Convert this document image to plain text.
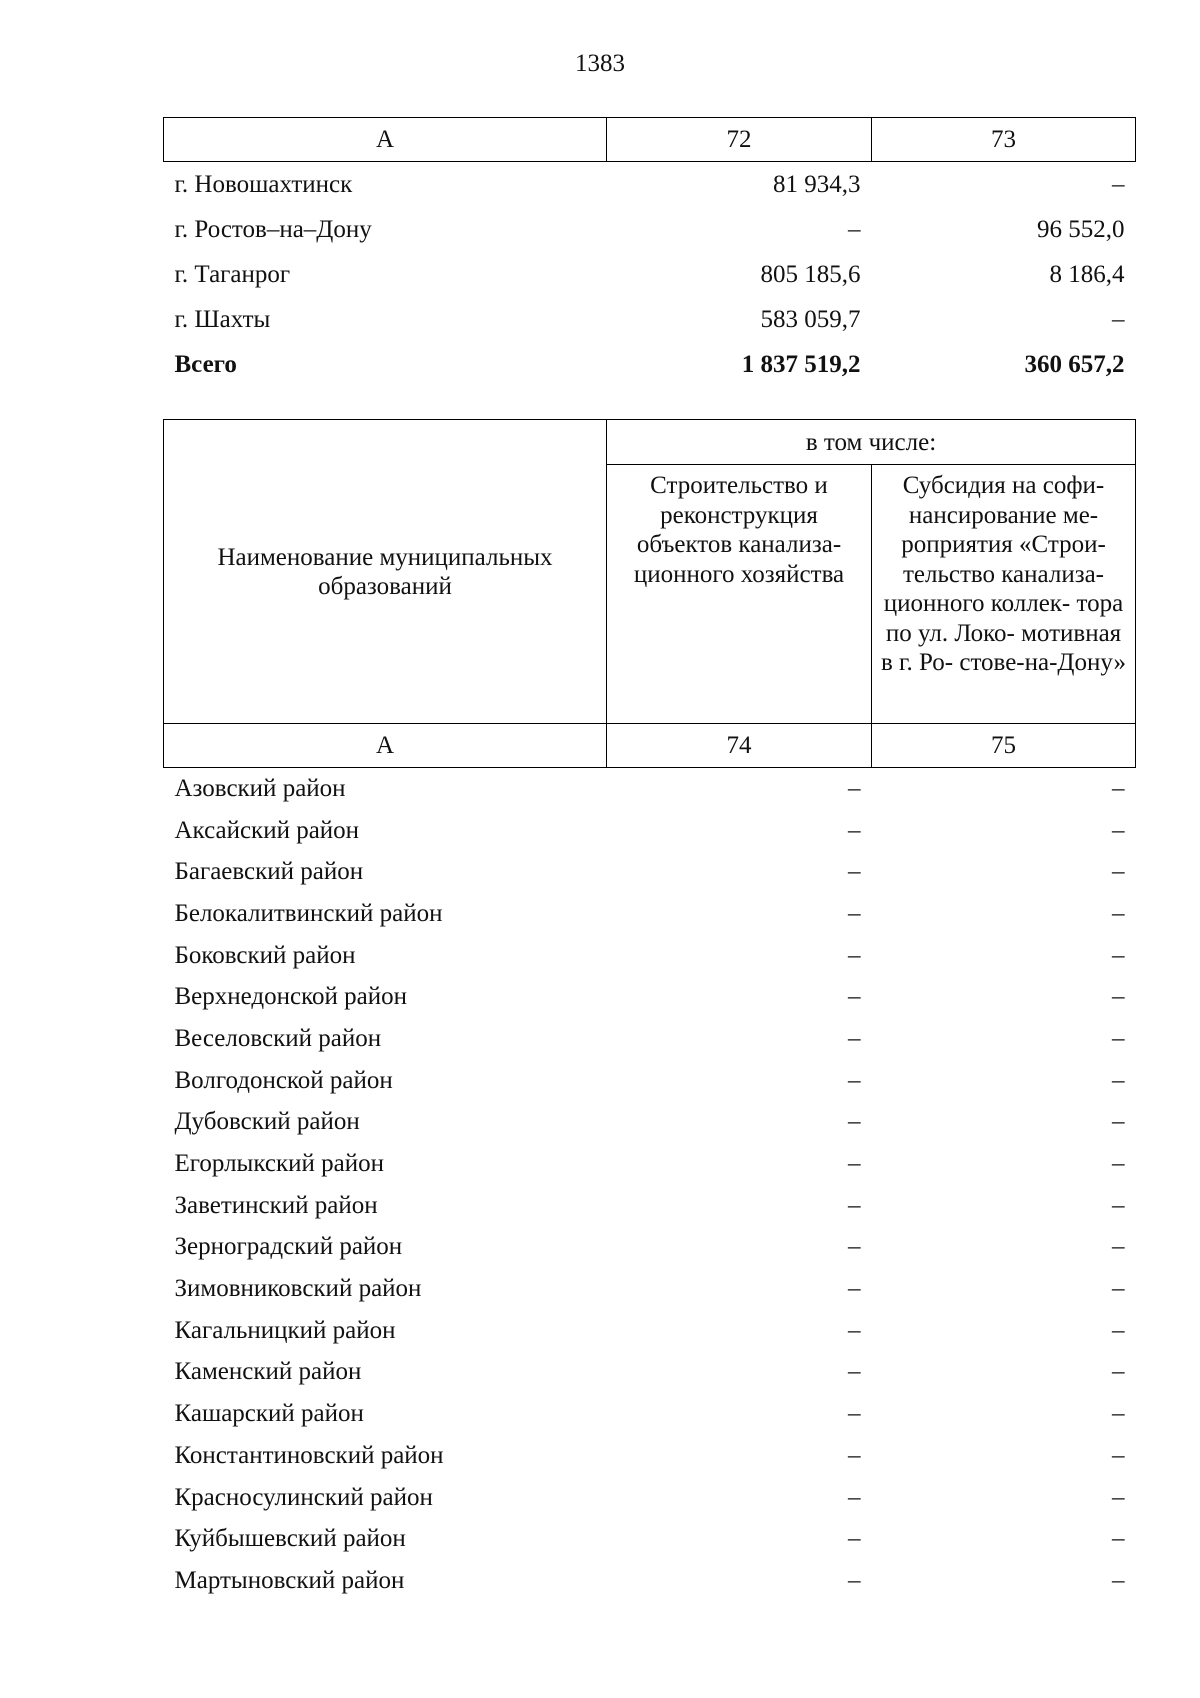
1383
А	72	73
г. Новошахтинск	81 934,3	–
г. Ростов–на–Дону	–	96 552,0
г. Таганрог	805 185,6	8 186,4
г. Шахты	583 059,7	–
Всего	1 837 519,2	360 657,2
Наименование муниципальных образований	в том числе:	

	Строительство и реконструкция объектов канализа- ционного хозяйства	Субсидия на софи- нансирование ме- роприятия «Строи- тельство канализа- ционного коллек- тора по ул. Локо- мотивная в г. Ро- стове-на-Дону»

А	74	75
Азовский район	–	–
Аксайский район	–	–
Багаевский район	–	–
Белокалитвинский район	–	–
Боковский район	–	–
Верхнедонской район	–	–
Веселовский район	–	–
Волгодонской район	–	–
Дубовский район	–	–
Егорлыкский район	–	–
Заветинский район	–	–
Зерноградский район	–	–
Зимовниковский район	–	–
Кагальницкий район	–	–
Каменский район	–	–
Кашарский район	–	–
Константиновский район	–	–
Красносулинский район	–	–
Куйбышевский район	–	–
Мартыновский район	–	–
